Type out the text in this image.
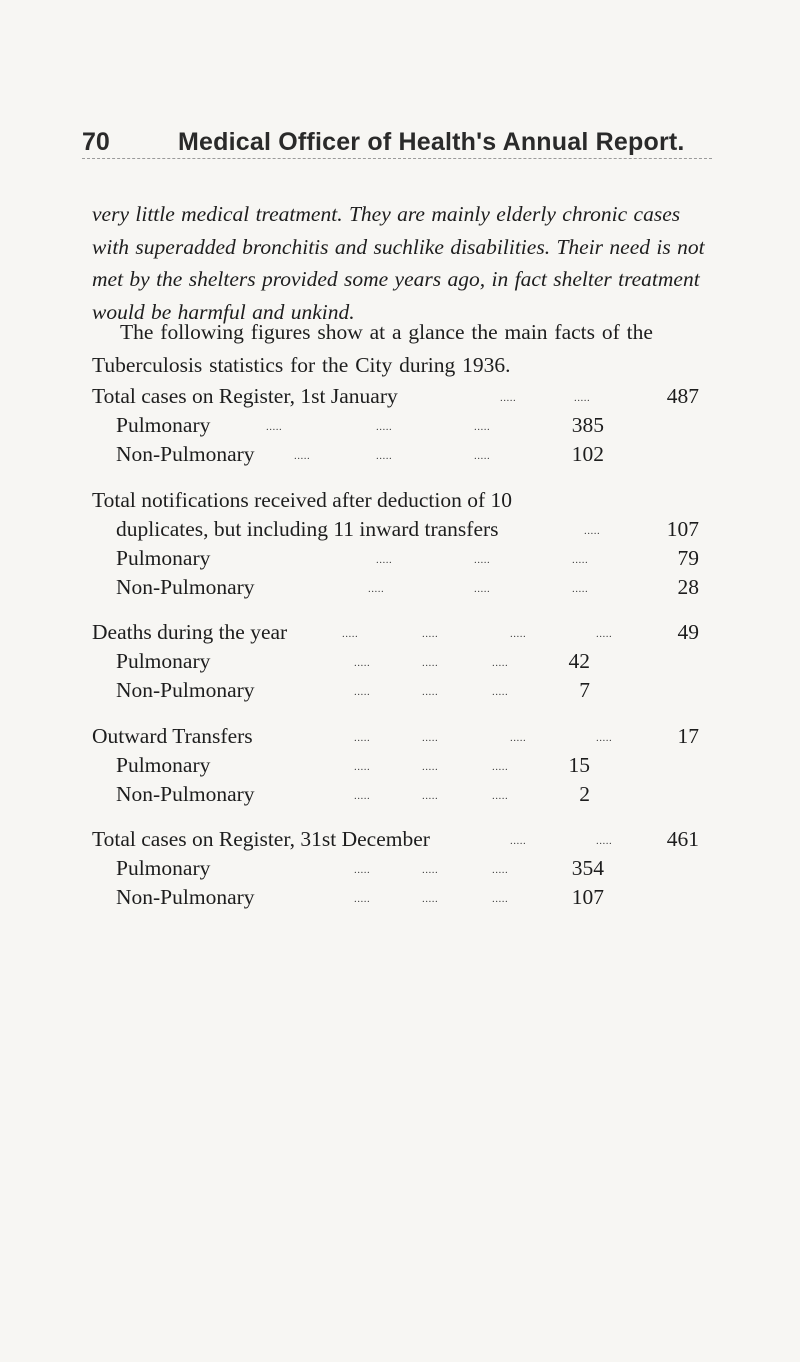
70	Medical Officer of Health's Annual Report.
very little medical treatment. They are mainly elderly chronic cases with superadded bronchitis and suchlike disabilities. Their need is not met by the shelters provided some years ago, in fact shelter treatment would be harmful and unkind.
The following figures show at a glance the main facts of the Tuberculosis statistics for the City during 1936.
Total cases on Register, 1st January	.....	.....	487
Pulmonary	.....	.....	.....	385
Non-Pulmonary	.....	.....	.....	102
Total notifications received after deduction of 10
duplicates, but including 11 inward transfers	.....	107
Pulmonary	.....	.....	.....	79
Non-Pulmonary	.....	.....	.....	28
Deaths during the year	.....	.....	.....	.....	49
Pulmonary	.....	.....	.....	42
Non-Pulmonary	.....	.....	.....	7
Outward Transfers	.....	.....	.....	.....	17
Pulmonary	.....	.....	.....	15
Non-Pulmonary	.....	.....	.....	2
Total cases on Register, 31st December	.....	.....	461
Pulmonary	.....	.....	.....	354
Non-Pulmonary	.....	.....	.....	107
